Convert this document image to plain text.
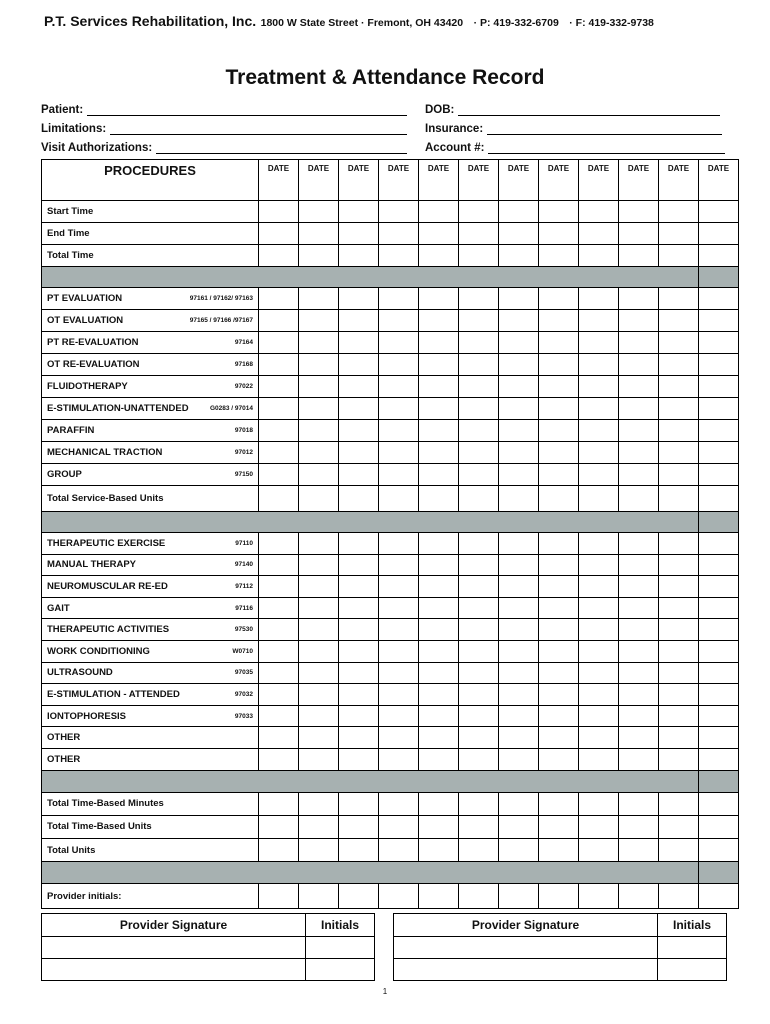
P.T. Services Rehabilitation, Inc. 1800 W State Street · Fremont, OH 43420 · P: 419-332-6709 · F: 419-332-9738
Treatment & Attendance Record
Patient:
Limitations:
Visit Authorizations:
DOB:
Insurance:
Account #:
PROCEDURES	DATE	DATE	DATE	DATE	DATE	DATE	DATE	DATE	DATE	DATE	DATE	DATE

Start Time												

End Time												

Total Time												

PT EVALUATION 97161 / 97162/ 97163												

OT EVALUATION 97165 / 97166 /97167												

PT RE-EVALUATION 97164												

OT RE-EVALUATION 97168												

FLUIDOTHERAPY 97022												

E-STIMULATION-UNATTENDED G0283 / 97014												

PARAFFIN 97018												

MECHANICAL TRACTION 97012												

GROUP 97150												

Total Service-Based Units												

THERAPEUTIC EXERCISE 97110												

MANUAL THERAPY 97140												

NEUROMUSCULAR RE-ED 97112												

GAIT 97116												

THERAPEUTIC ACTIVITIES 97530												

WORK CONDITIONING W0710												

ULTRASOUND 97035												

E-STIMULATION - ATTENDED 97032												

IONTOPHORESIS 97033												

OTHER												

OTHER												

Total Time-Based Minutes												

Total Time-Based Units												

Total Units												

Provider initials:												

Provider Signature	Initials

		Provider Signature	Initials

1
